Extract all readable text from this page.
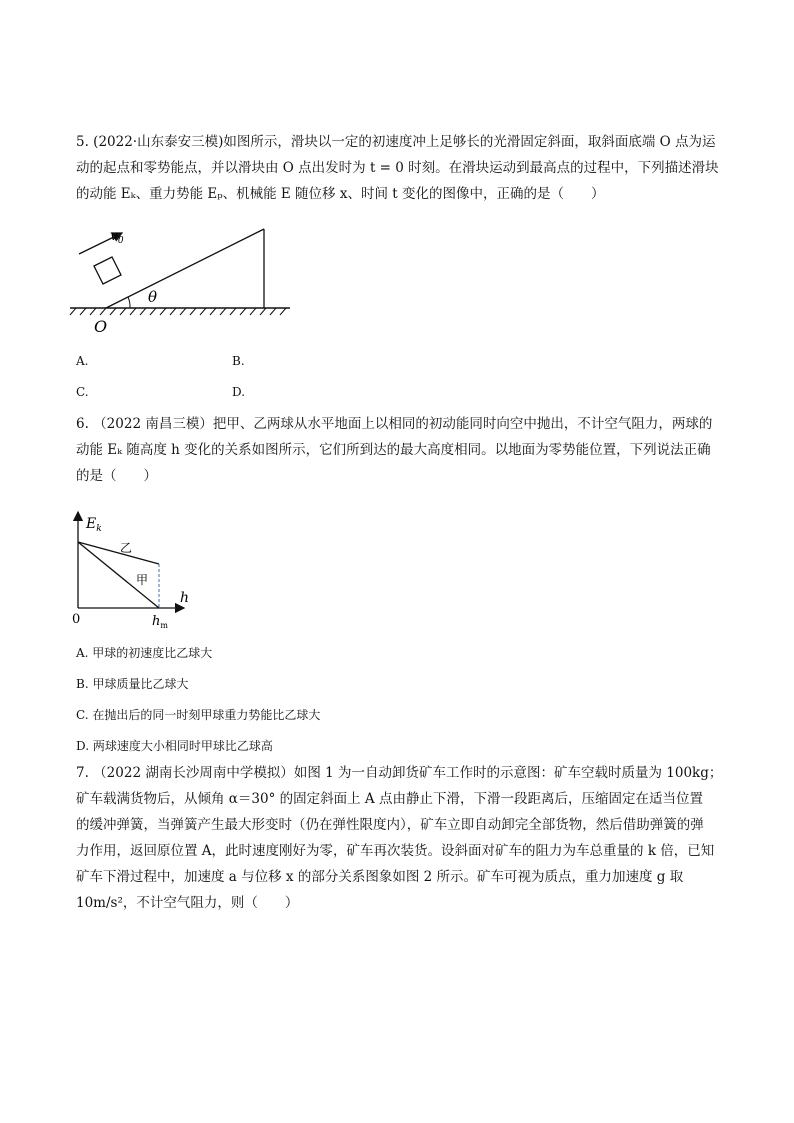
5. (2022·山东泰安三模)如图所示，滑块以一定的初速度冲上足够长的光滑固定斜面，取斜面底端 O 点为运
动的起点和零势能点，并以滑块由 O 点出发时为 t = 0 时刻。在滑块运动到最高点的过程中，下列描述滑块
的动能 Eₖ、重力势能 Eₚ、机械能 E 随位移 x、时间 t 变化的图像中，正确的是（　　）
$v_0$
θ
O
A.	B.
C.	D.
6. （2022 南昌三模）把甲、乙两球从水平地面上以相同的初动能同时向空中抛出，不计空气阻力，两球的
动能 Eₖ 随高度 h 变化的关系如图所示，它们所到达的最大高度相同。以地面为零势能位置，下列说法正确
的是（　　）
$E_k$
h
0
乙
甲
$h_m$
A. 甲球的初速度比乙球大
B. 甲球质量比乙球大
C. 在抛出后的同一时刻甲球重力势能比乙球大
D. 两球速度大小相同时甲球比乙球高
7. （2022 湖南长沙周南中学模拟）如图 1 为一自动卸货矿车工作时的示意图：矿车空载时质量为 100kg；
矿车载满货物后，从倾角 α＝30° 的固定斜面上 A 点由静止下滑，下滑一段距离后，压缩固定在适当位置
的缓冲弹簧，当弹簧产生最大形变时（仍在弹性限度内），矿车立即自动卸完全部货物，然后借助弹簧的弹
力作用，返回原位置 A，此时速度刚好为零，矿车再次装货。设斜面对矿车的阻力为车总重量的 k 倍，已知
矿车下滑过程中，加速度 a 与位移 x 的部分关系图象如图 2 所示。矿车可视为质点，重力加速度 g 取
10m/s²，不计空气阻力，则（　　）
